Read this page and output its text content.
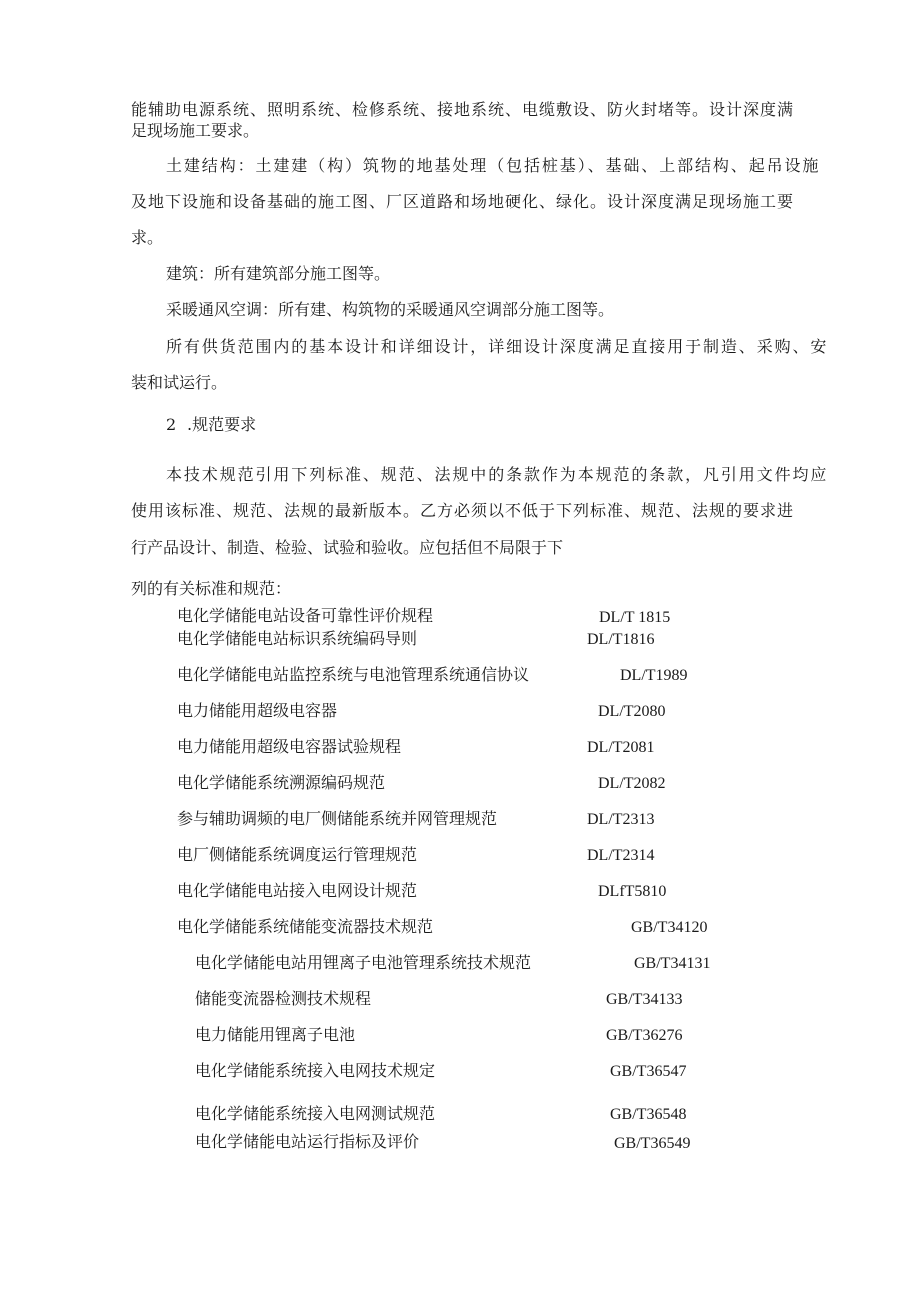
能辅助电源系统、照明系统、检修系统、接地系统、电缆敷设、防火封堵等。设计深度满
足现场施工要求。
土建结构：土建建（构）筑物的地基处理（包括桩基）、基础、上部结构、起吊设施
及地下设施和设备基础的施工图、厂区道路和场地硬化、绿化。设计深度满足现场施工要
求。
建筑：所有建筑部分施工图等。
采暖通风空调：所有建、构筑物的采暖通风空调部分施工图等。
所有供货范围内的基本设计和详细设计，详细设计深度满足直接用于制造、采购、安
装和试运行。
2 .规范要求
本技术规范引用下列标准、规范、法规中的条款作为本规范的条款，凡引用文件均应
使用该标准、规范、法规的最新版本。乙方必须以不低于下列标准、规范、法规的要求进
行产品设计、制造、检验、试验和验收。应包括但不局限于下
列的有关标准和规范：
电化学储能电站设备可靠性评价规程	DL/T 1815
电化学储能电站标识系统编码导则	DL/T1816
电化学储能电站监控系统与电池管理系统通信协议	DL/T1989
电力储能用超级电容器	DL/T2080
电力储能用超级电容器试验规程	DL/T2081
电化学储能系统溯源编码规范	DL/T2082
参与辅助调频的电厂侧储能系统并网管理规范	DL/T2313
电厂侧储能系统调度运行管理规范	DL/T2314
电化学储能电站接入电网设计规范	DLfT5810
电化学储能系统储能变流器技术规范	GB/T34120
电化学储能电站用锂离子电池管理系统技术规范	GB/T34131
储能变流器检测技术规程	GB/T34133
电力储能用锂离子电池	GB/T36276
电化学储能系统接入电网技术规定	GB/T36547
电化学储能系统接入电网测试规范	GB/T36548
电化学储能电站运行指标及评价	GB/T36549
